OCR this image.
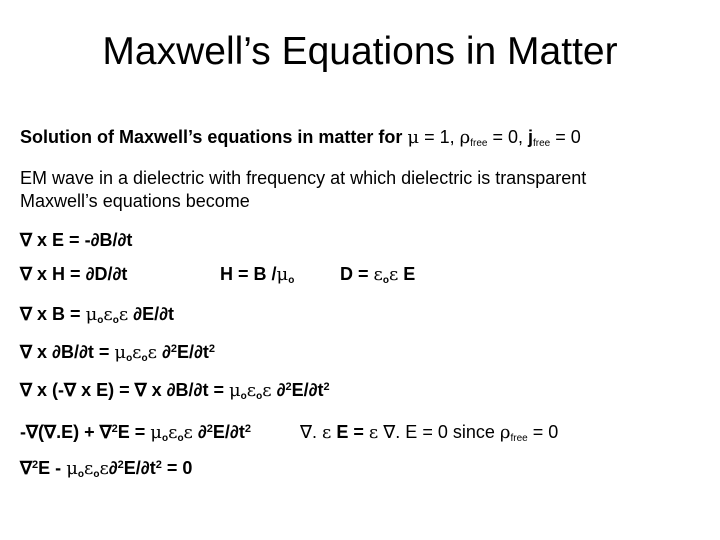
Maxwell’s Equations in Matter
Solution of Maxwell’s equations in matter for μ = 1, $\rho_{free} = 0$, $j_{free} = 0$
EM wave in a dielectric with frequency at which dielectric is transparent
Maxwell’s equations become
∇ x E = -∂B/∂t
∇ x H = ∂D/∂t	H = B $/\mu_o$	$D = \varepsilon_o\varepsilon$ E
∇ x $B = \mu_o\varepsilon_o\varepsilon$ ∂E/∂t
∇ x $\partial B/\partial t = \mu_o\varepsilon_o\varepsilon$ $\partial^2E/\partial t^2$
∇ x (-∇ x E) = ∇ x $\partial B/\partial t = \mu_o\varepsilon_o\varepsilon$ $\partial^2E/\partial t^2$
$-\nabla(\nabla.E) + \nabla^2E = \mu_o\varepsilon_o\varepsilon$ $\partial^2E/\partial t^2$	∇. ε E = ε ∇. E = 0 since $\rho_{free} = 0$
$\nabla^2E - \mu_o\varepsilon_o\varepsilon\partial^2E/\partial t^2 = 0$
